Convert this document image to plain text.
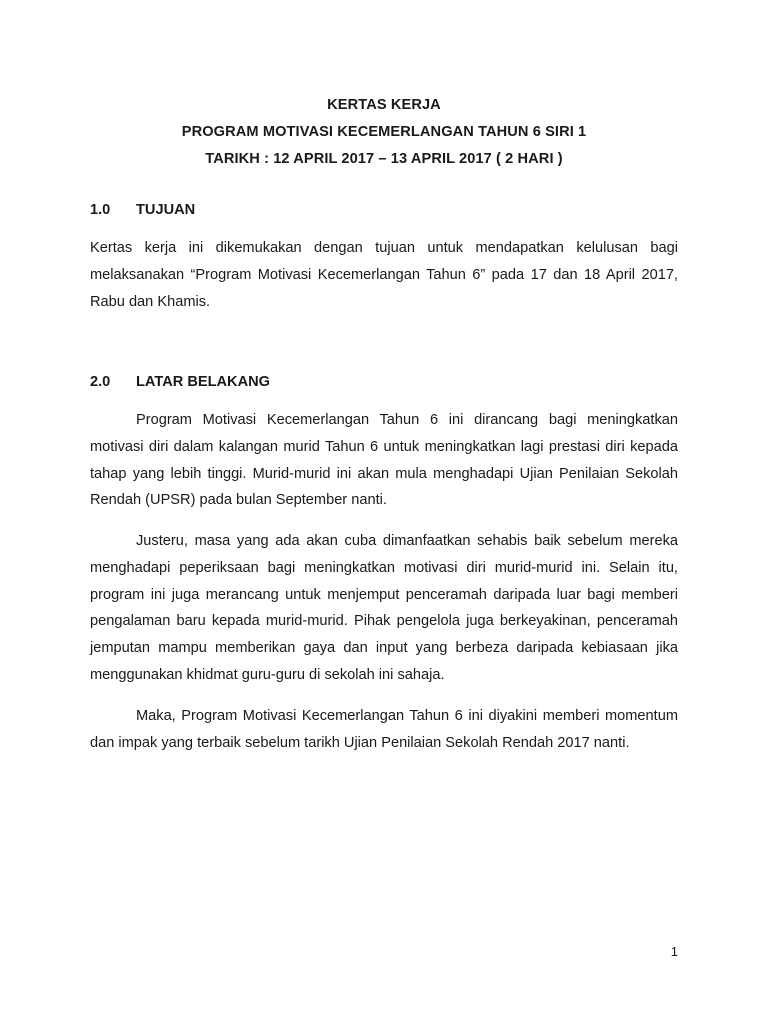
KERTAS KERJA
PROGRAM MOTIVASI KECEMERLANGAN TAHUN 6 SIRI 1
TARIKH : 12 APRIL 2017 – 13 APRIL 2017 ( 2 HARI )
1.0 TUJUAN

Kertas kerja ini dikemukakan dengan tujuan untuk mendapatkan kelulusan bagi melaksanakan “Program Motivasi Kecemerlangan Tahun 6” pada 17 dan 18 April 2017, Rabu dan Khamis.

2.0 LATAR BELAKANG

Program Motivasi Kecemerlangan Tahun 6 ini dirancang bagi meningkatkan motivasi diri dalam kalangan murid Tahun 6 untuk meningkatkan lagi prestasi diri kepada tahap yang lebih tinggi. Murid-murid ini akan mula menghadapi Ujian Penilaian Sekolah Rendah (UPSR) pada bulan September nanti.

Justeru, masa yang ada akan cuba dimanfaatkan sehabis baik sebelum mereka menghadapi peperiksaan bagi meningkatkan motivasi diri murid-murid ini. Selain itu, program ini juga merancang untuk menjemput penceramah daripada luar bagi memberi pengalaman baru kepada murid-murid. Pihak pengelola juga berkeyakinan, penceramah jemputan mampu memberikan gaya dan input yang berbeza daripada kebiasaan jika menggunakan khidmat guru-guru di sekolah ini sahaja.

Maka, Program Motivasi Kecemerlangan Tahun 6 ini diyakini memberi momentum dan impak yang terbaik sebelum tarikh Ujian Penilaian Sekolah Rendah 2017 nanti.

1
